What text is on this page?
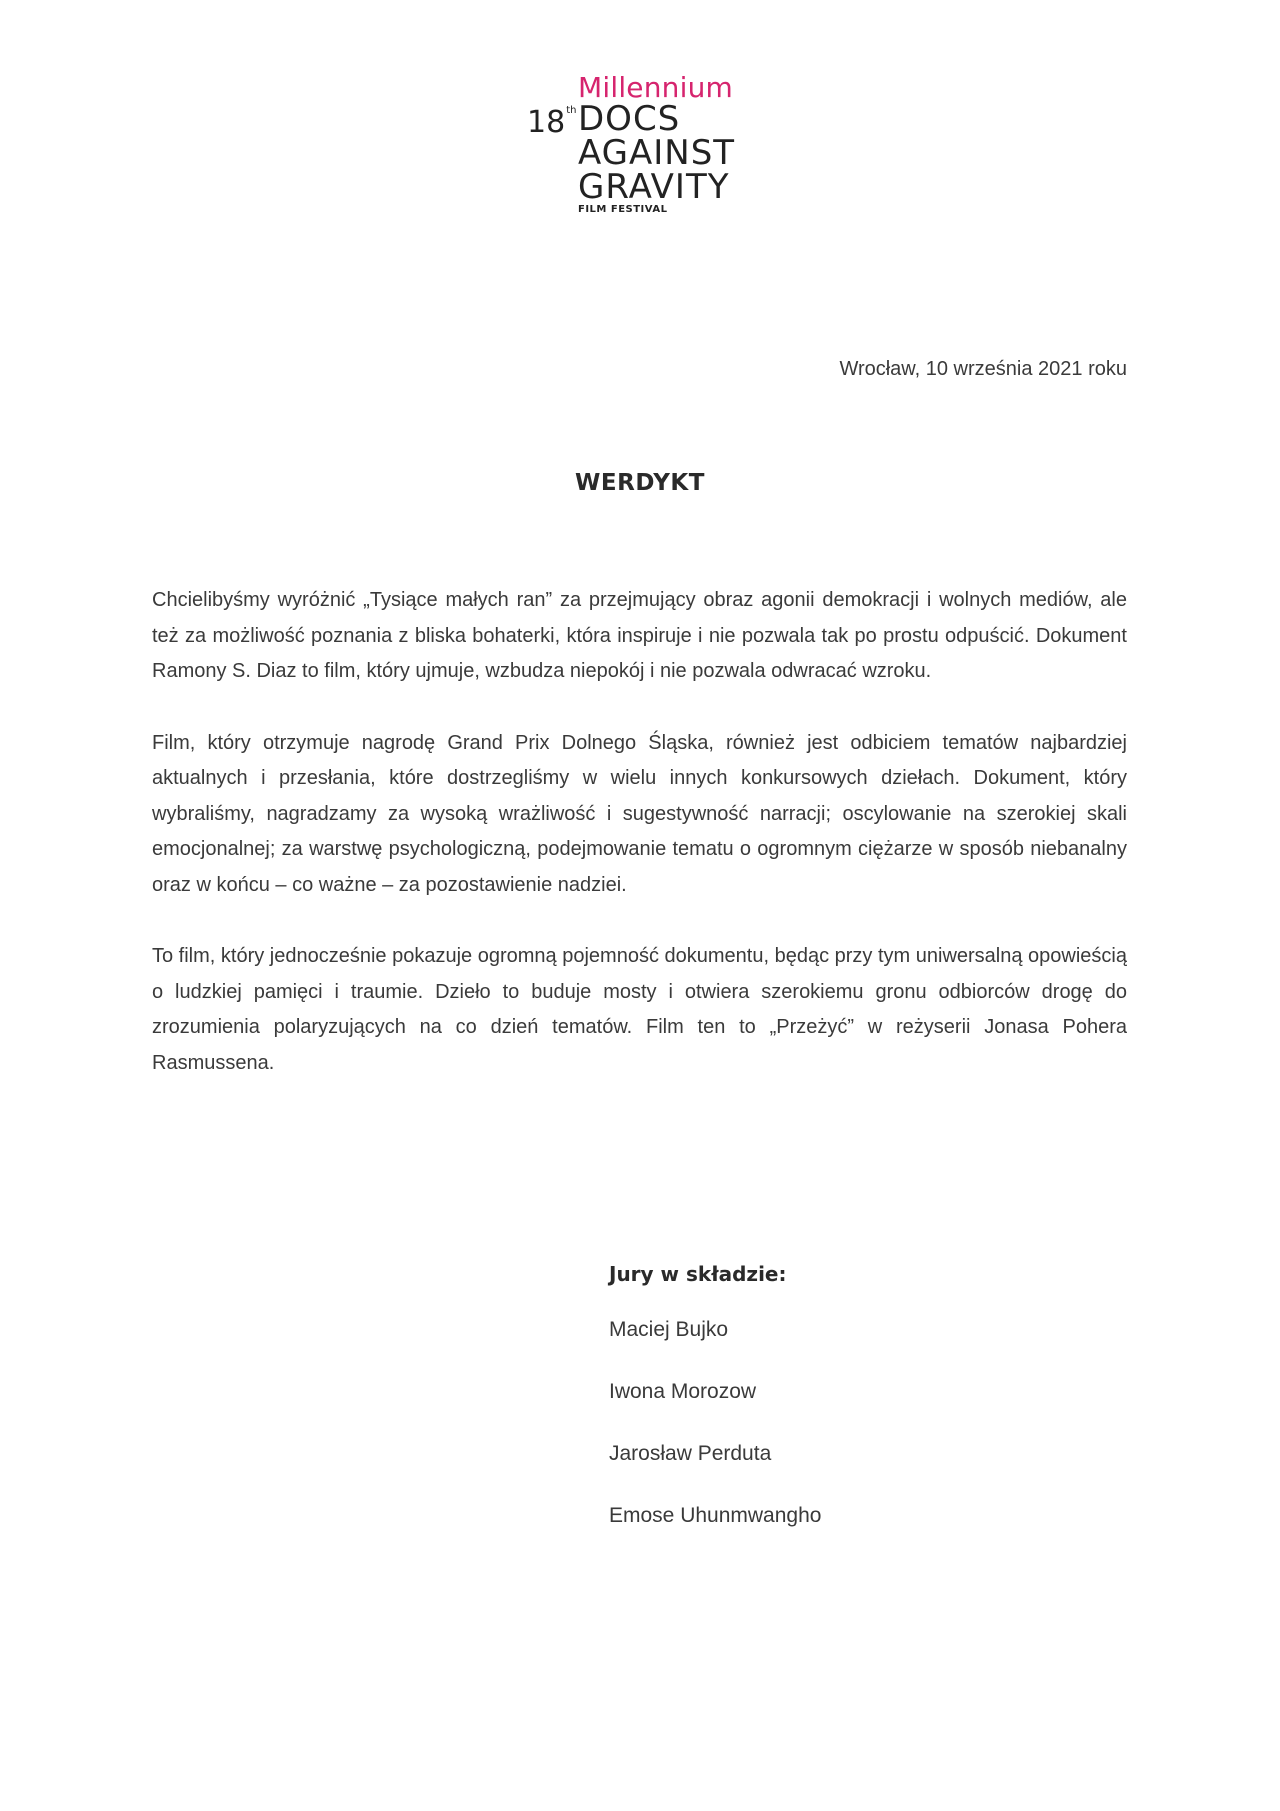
Millennium
18th DOCS
AGAINST
GRAVITY
FILM FESTIVAL
Wrocław, 10 września 2021 roku
WERDYKT

Chcielibyśmy wyróżnić „Tysiące małych ran” za przejmujący obraz agonii demokracji i wolnych mediów, ale też za możliwość poznania z bliska bohaterki, która inspiruje i nie pozwala tak po prostu odpuścić. Dokument Ramony S. Diaz to film, który ujmuje, wzbudza niepokój i nie pozwala odwracać wzroku.

Film, który otrzymuje nagrodę Grand Prix Dolnego Śląska, również jest odbiciem tematów najbardziej aktualnych i przesłania, które dostrzegliśmy w wielu innych konkursowych dziełach. Dokument, który wybraliśmy, nagradzamy za wysoką wrażliwość i sugestywność narracji; oscylowanie na szerokiej skali emocjonalnej; za warstwę psychologiczną, podejmowanie tematu o ogromnym ciężarze w sposób niebanalny oraz w końcu – co ważne – za pozostawienie nadziei.

To film, który jednocześnie pokazuje ogromną pojemność dokumentu, będąc przy tym uniwersalną opowieścią o ludzkiej pamięci i traumie. Dzieło to buduje mosty i otwiera szerokiemu gronu odbiorców drogę do zrozumienia polaryzujących na co dzień tematów. Film ten to „Przeżyć” w reżyserii Jonasa Pohera Rasmussena.

Jury w składzie:
Maciej Bujko
Iwona Morozow
Jarosław Perduta
Emose Uhunmwangho
